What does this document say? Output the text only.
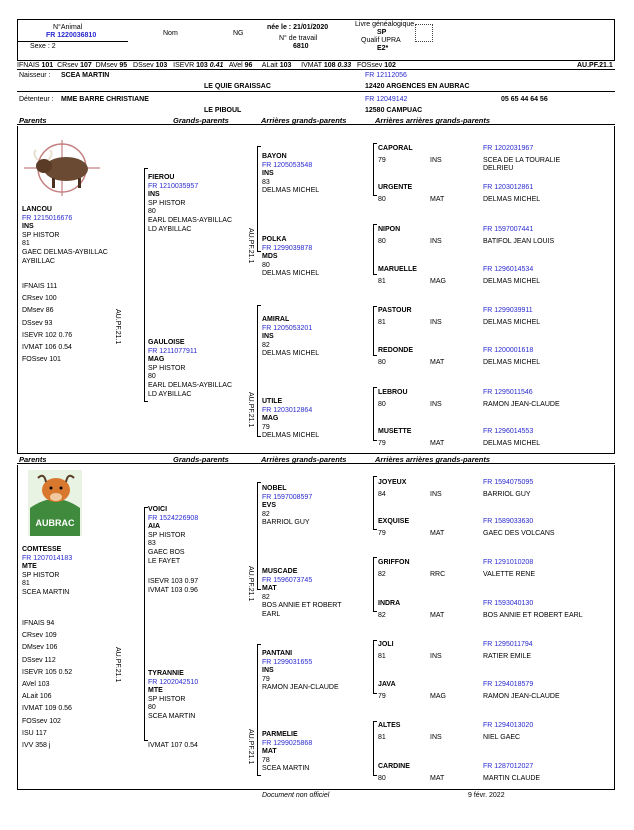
N°Animal
FR 1220036810
Sexe : 2
Nom	NG
née le : 21/01/2020
N° de travail
6810
Livre généalogique
SP
Qualif UPRA
E2*
IFNAIS 101 CRsev 107 DMsev 95 DSsev 103 ISEVR 103 0.41 AVel 96 ALait 103 IVMAT 108 0.33 FOSsev 102	AU.PF.21.1
Naisseur : SCEA MARTIN	FR 12112056
LE QUIE GRAISSAC	12420 ARGENCES EN AUBRAC
Détenteur : MME BARRE CHRISTIANE	FR 12049142	05 65 44 64 56
LE PIBOUL	12580 CAMPUAC
Parents	Grands-parents	Arrières grands-parents	Arrières arrières grands-parents
LANCOU
FR 1215016676
INS
SP HISTOR
81
GAEC DELMAS-AYBILLAC
AYBILLAC
IFNAIS 111
CRsev 100
DMsev 86
DSsev 93
ISEVR 102 0.76
IVMAT 106 0.54
FOSsev 101
AU.PF.21.1
FIEROU
FR 1210035957
INS
SP HISTOR
80
EARL DELMAS-AYBILLAC
LD AYBILLAC	AU.PF.21.1
GAULOISE
FR 1211077911
MAG
SP HISTOR
80
EARL DELMAS-AYBILLAC
LD AYBILLAC	AU.PF.21.1
BAYON
FR 1205053548
INS
83
DELMAS MICHEL
POLKA
FR 1299039878
MDS
80
DELMAS MICHEL
AMIRAL
FR 1205053201
INS
82
DELMAS MICHEL
UTILE
FR 1203012864
MAG
79
DELMAS MICHEL
CAPORAL
79	INS
FR 1202031967
SCEA DE LA TOURALIE
DELRIEU
URGENTE
80	MAT
FR 1203012861
DELMAS MICHEL
NIPON
80	INS
FR 1597007441
BATIFOL JEAN LOUIS
MARUELLE
81	MAG
FR 1296014534
DELMAS MICHEL
PASTOUR
81	INS
FR 1299039911
DELMAS MICHEL
REDONDE
80	MAT
FR 1200001618
DELMAS MICHEL
LEBROU
80	INS
FR 1295011546
RAMON JEAN-CLAUDE
MUSETTE
79	MAT
FR 1296014553
DELMAS MICHEL
Parents	Grands-parents	Arrières grands-parents	Arrières arrières grands-parents
AUBRAC
COMTESSE
FR 1207014183
MTE
SP HISTOR
81
SCEA MARTIN
IFNAIS 94
CRsev 109
DMsev 106
DSsev 112
ISEVR 105 0.52
AVel 103
ALait 106
IVMAT 109 0.56
FOSsev 102
ISU 117
IVV 358 j
AU.PF.21.1
VOICI
FR 1524226908
AIA
SP HISTOR
83
GAEC BOS
LE FAYET
ISEVR 103 0.97
IVMAT 103 0.96	AU.PF.21.1
TYRANNIE
FR 1202042510
MTE
SP HISTOR
80
SCEA MARTIN
IVMAT 107 0.54	AU.PF.21.1
NOBEL
FR 1597008597
EVS
82
BARRIOL GUY
MUSCADE
FR 1596073745
MAT
82
BOS ANNIE ET ROBERT
EARL
PANTANI
FR 1299031655
INS
79
RAMON JEAN-CLAUDE
PARMELIE
FR 1299025868
MAT
78
SCEA MARTIN
JOYEUX
84	INS
FR 1594075095
BARRIOL GUY
EXQUISE
79	MAT
FR 1589033630
GAEC DES VOLCANS
GRIFFON
82	RRC
FR 1291010208
VALETTE RENE
INDRA
82	MAT
FR 1593040130
BOS ANNIE ET ROBERT EARL
JOLI
81	INS
FR 1295011794
RATIER EMILE
JAVA
79	MAG
FR 1294018579
RAMON JEAN-CLAUDE
ALTES
81	INS
FR 1294013020
NIEL GAEC
CARDINE
80	MAT
FR 1287012027
MARTIN CLAUDE
Document non officiel	9 févr. 2022
